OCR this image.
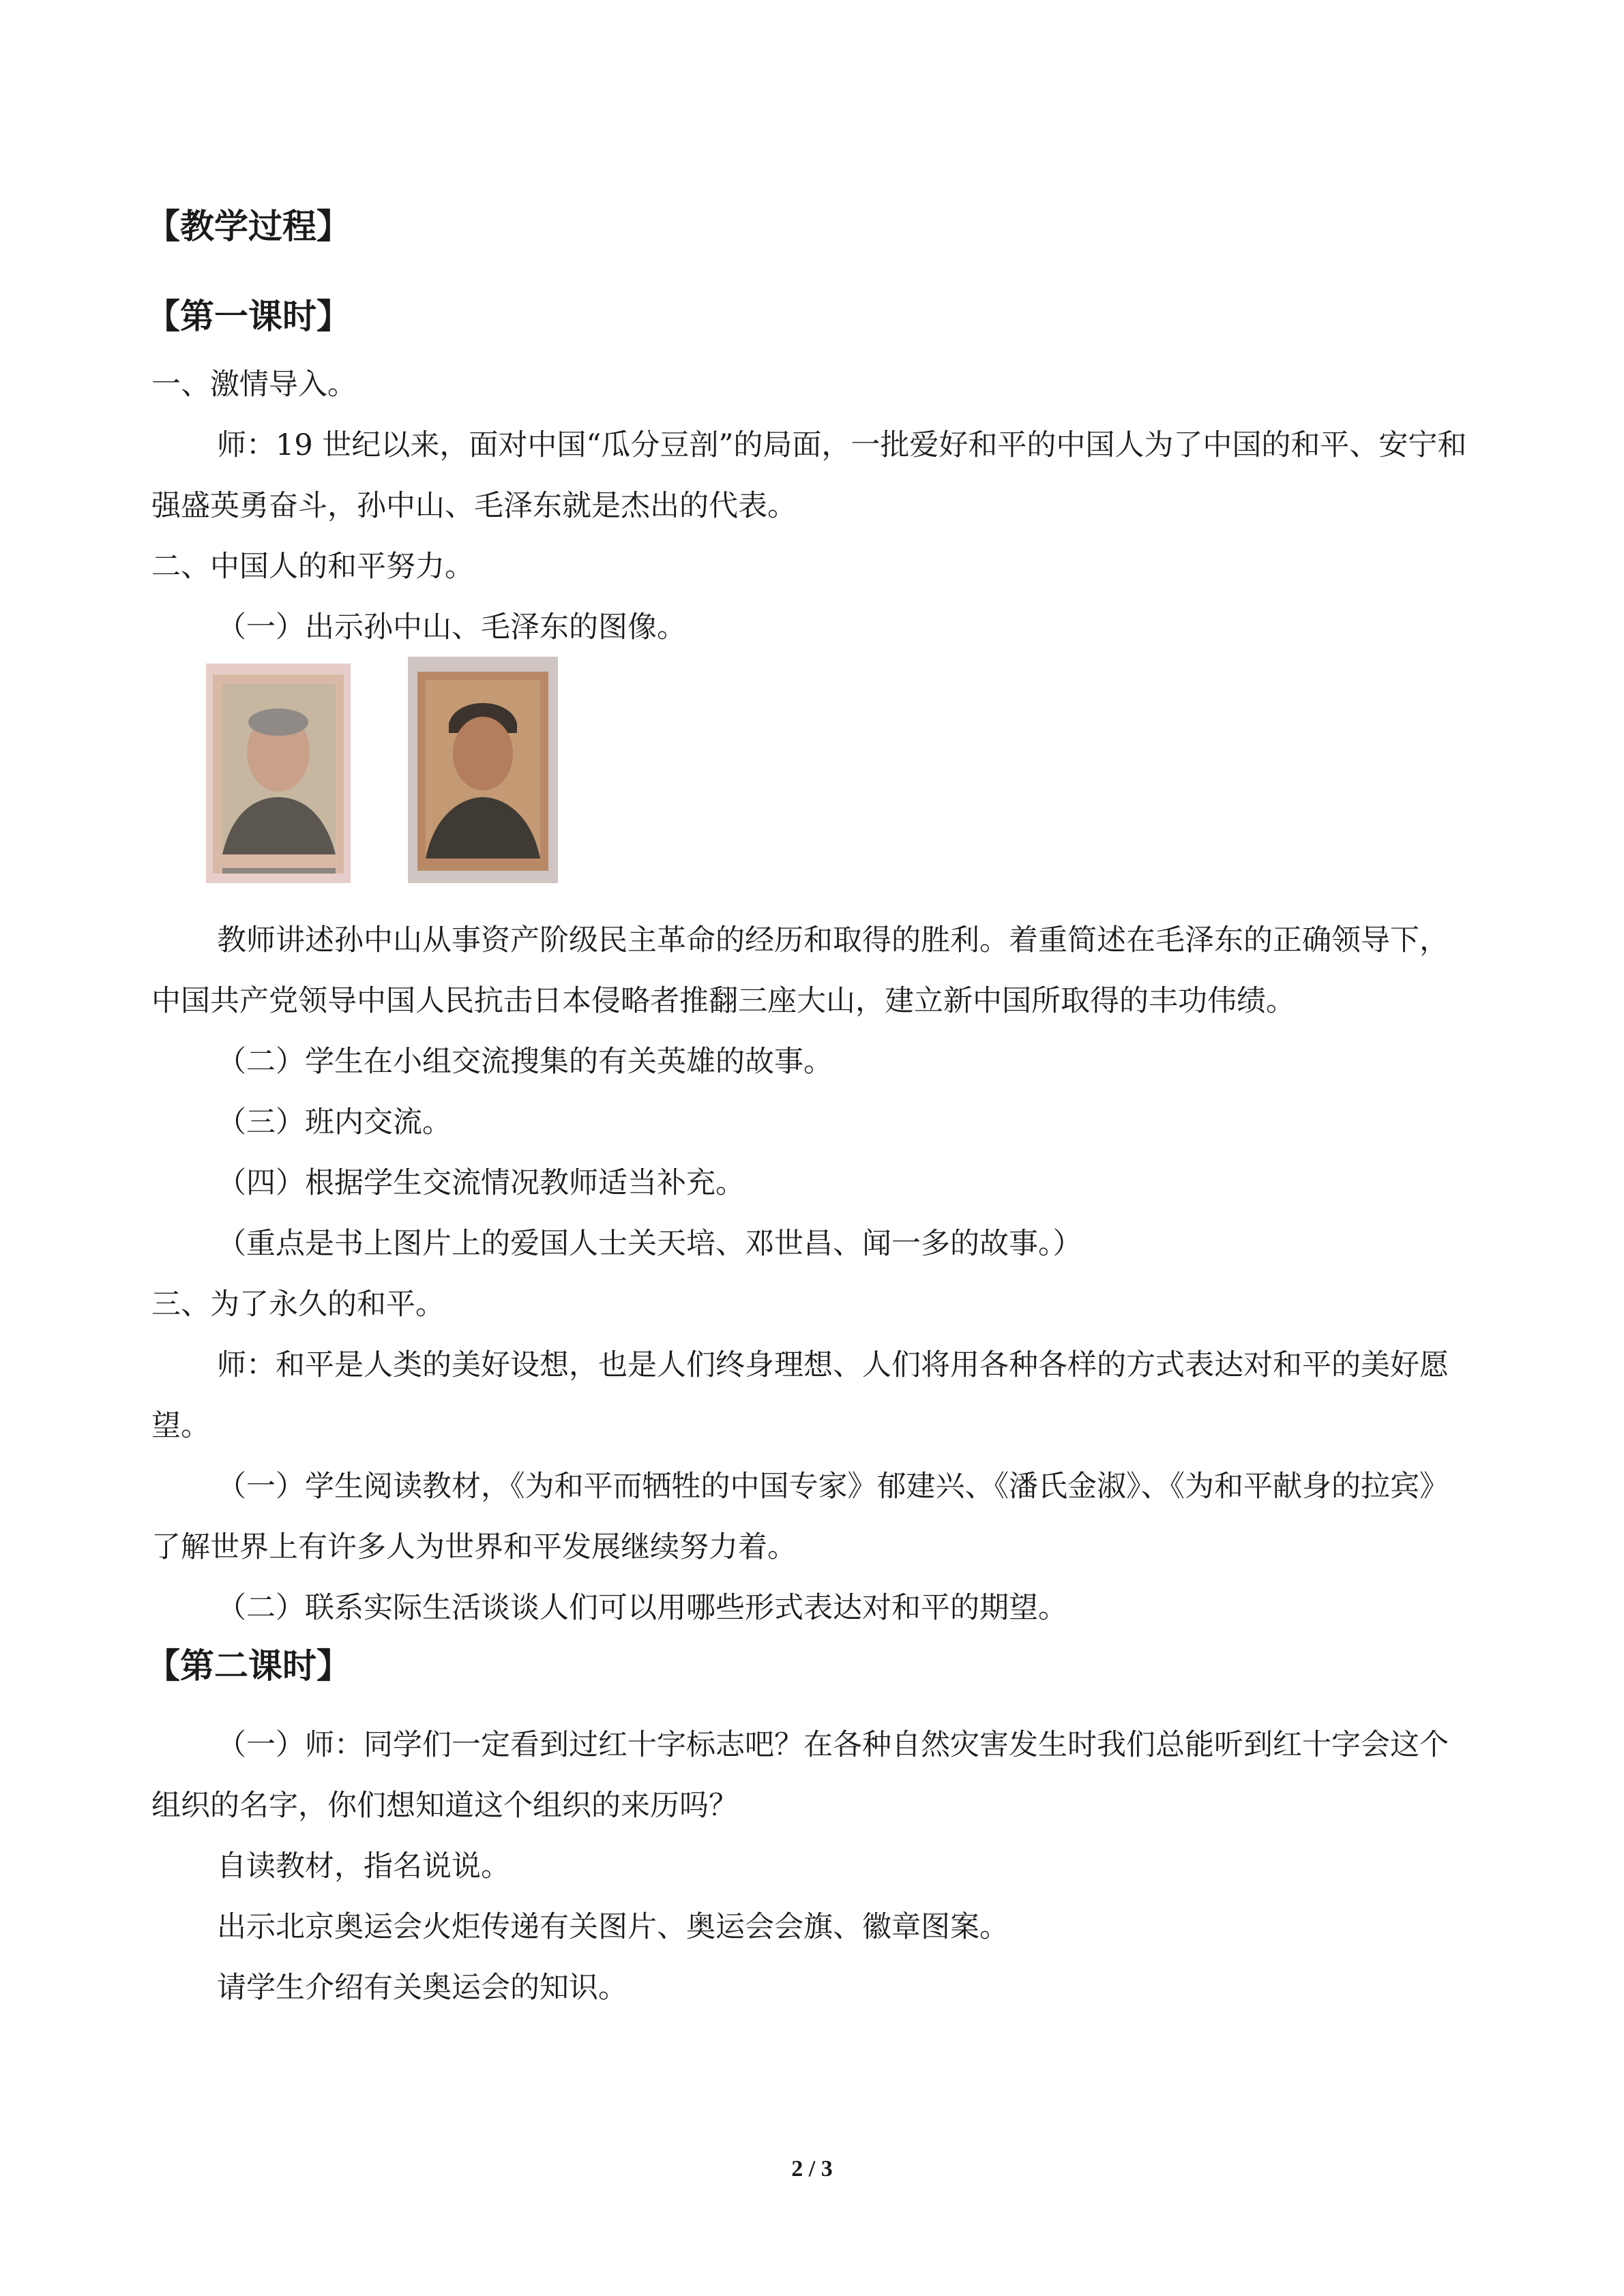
【教学过程】
【第一课时】

一、激情导入。

师：19 世纪以来，面对中国“瓜分豆剖”的局面，一批爱好和平的中国人为了中国的和平、安宁和强盛英勇奋斗，孙中山、毛泽东就是杰出的代表。

二、中国人的和平努力。

（一）出示孙中山、毛泽东的图像。

教师讲述孙中山从事资产阶级民主革命的经历和取得的胜利。着重简述在毛泽东的正确领导下，中国共产党领导中国人民抗击日本侵略者推翻三座大山，建立新中国所取得的丰功伟绩。

（二）学生在小组交流搜集的有关英雄的故事。

（三）班内交流。

（四）根据学生交流情况教师适当补充。

（重点是书上图片上的爱国人士关天培、邓世昌、闻一多的故事。）

三、为了永久的和平。

师：和平是人类的美好设想，也是人们终身理想、人们将用各种各样的方式表达对和平的美好愿望。

（一）学生阅读教材，《为和平而牺牲的中国专家》郁建兴、《潘氏金淑》、《为和平献身的拉宾》了解世界上有许多人为世界和平发展继续努力着。

（二）联系实际生活谈谈人们可以用哪些形式表达对和平的期望。

【第二课时】

（一）师：同学们一定看到过红十字标志吧？在各种自然灾害发生时我们总能听到红十字会这个组织的名字，你们想知道这个组织的来历吗？

自读教材，指名说说。

出示北京奥运会火炬传递有关图片、奥运会会旗、徽章图案。

请学生介绍有关奥运会的知识。

2 / 3
